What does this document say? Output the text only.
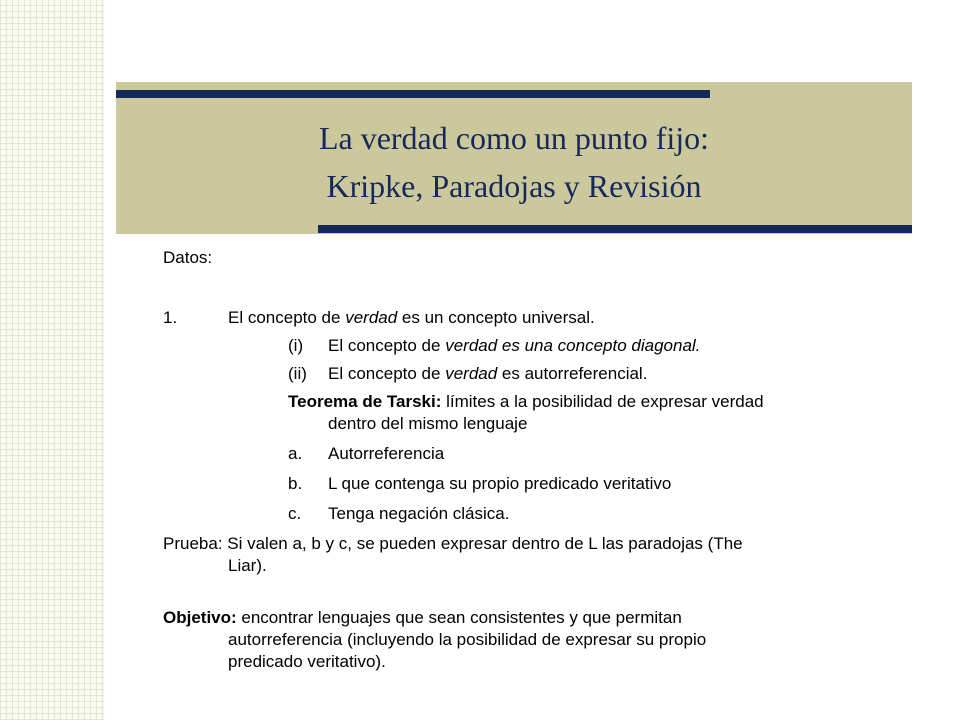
La verdad como un punto fijo:
Kripke, Paradojas y Revisión
Datos:
1.	El concepto de verdad es un concepto universal.
(i) El concepto de verdad es una concepto diagonal.
(ii) El concepto de verdad es autorreferencial.
Teorema de Tarski: límites a la posibilidad de expresar verdad
dentro del mismo lenguaje
a. Autorreferencia
b. L que contenga su propio predicado veritativo
c. Tenga negación clásica.
Prueba: Si valen a, b y c, se pueden expresar dentro de L las paradojas (The
Liar).
Objetivo: encontrar lenguajes que sean consistentes y que permitan
autorreferencia (incluyendo la posibilidad de expresar su propio
predicado veritativo).
